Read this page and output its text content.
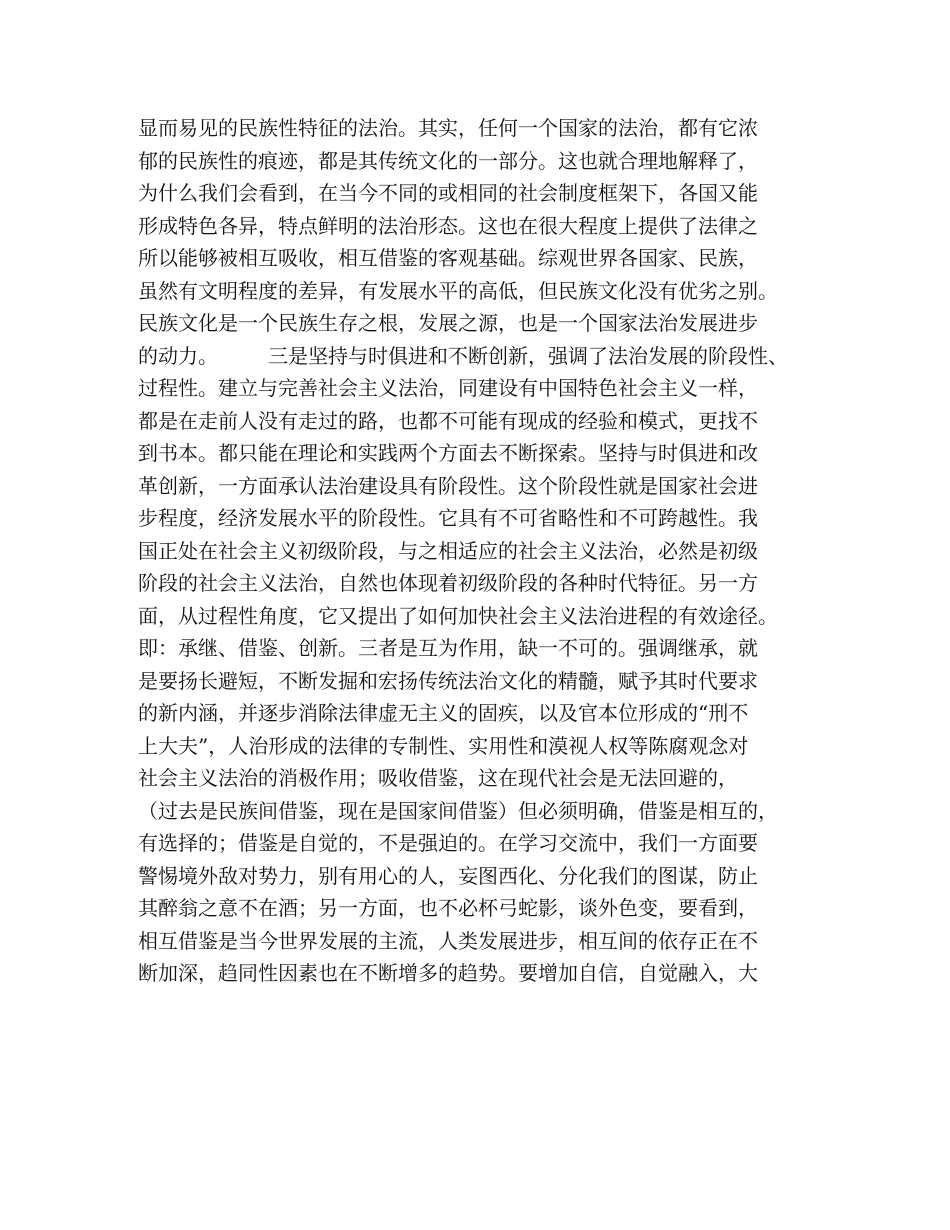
显而易见的民族性特征的法治。其实，任何一个国家的法治，都有它浓
郁的民族性的痕迹，都是其传统文化的一部分。这也就合理地解释了，
为什么我们会看到，在当今不同的或相同的社会制度框架下，各国又能
形成特色各异，特点鲜明的法治形态。这也在很大程度上提供了法律之
所以能够被相互吸收，相互借鉴的客观基础。综观世界各国家、民族，
虽然有文明程度的差异，有发展水平的高低，但民族文化没有优劣之别。
民族文化是一个民族生存之根，发展之源，也是一个国家法治发展进步
的动力。　　　三是坚持与时俱进和不断创新，强调了法治发展的阶段性、
过程性。建立与完善社会主义法治，同建设有中国特色社会主义一样，
都是在走前人没有走过的路，也都不可能有现成的经验和模式，更找不
到书本。都只能在理论和实践两个方面去不断探索。坚持与时俱进和改
革创新，一方面承认法治建设具有阶段性。这个阶段性就是国家社会进
步程度，经济发展水平的阶段性。它具有不可省略性和不可跨越性。我
国正处在社会主义初级阶段，与之相适应的社会主义法治，必然是初级
阶段的社会主义法治，自然也体现着初级阶段的各种时代特征。另一方
面，从过程性角度，它又提出了如何加快社会主义法治进程的有效途径。
即：承继、借鉴、创新。三者是互为作用，缺一不可的。强调继承，就
是要扬长避短，不断发掘和宏扬传统法治文化的精髓，赋予其时代要求
的新内涵，并逐步消除法律虚无主义的固疾，以及官本位形成的“刑不
上大夫”，人治形成的法律的专制性、实用性和漠视人权等陈腐观念对
社会主义法治的消极作用；吸收借鉴，这在现代社会是无法回避的，
（过去是民族间借鉴，现在是国家间借鉴）但必须明确，借鉴是相互的，
有选择的；借鉴是自觉的，不是强迫的。在学习交流中，我们一方面要
警惕境外敌对势力，别有用心的人，妄图西化、分化我们的图谋，防止
其醉翁之意不在酒；另一方面，也不必杯弓蛇影，谈外色变，要看到，
相互借鉴是当今世界发展的主流，人类发展进步，相互间的依存正在不
断加深，趋同性因素也在不断增多的趋势。要增加自信，自觉融入，大
